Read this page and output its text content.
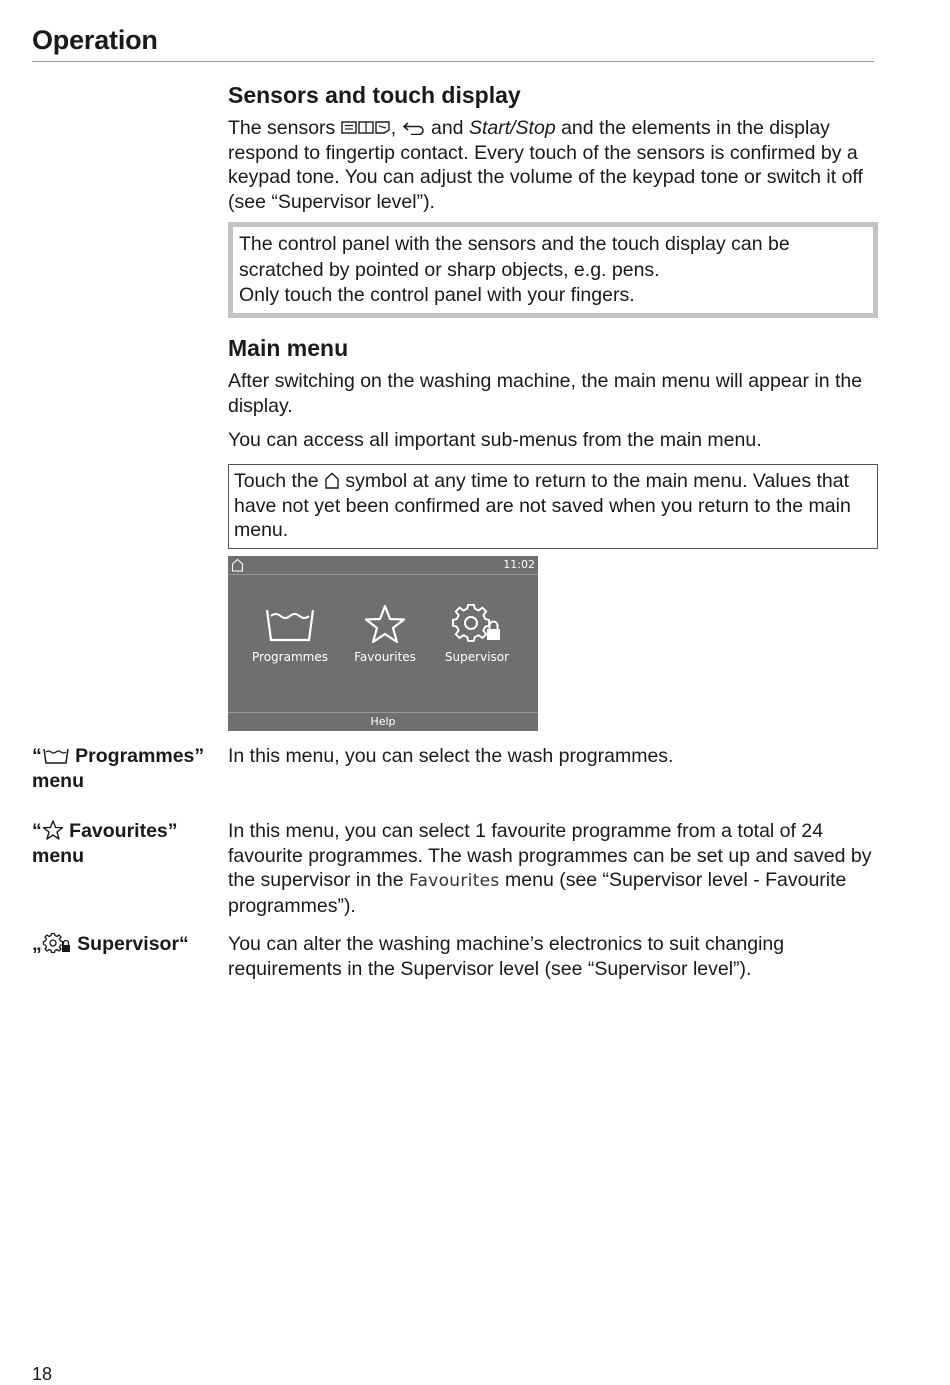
Operation
Sensors and touch display

The sensors	,  and Start/Stop and the elements in the display respond to fingertip contact. Every touch of the sensors is confirmed by a keypad tone. You can adjust the volume of the keypad tone or switch it off (see “Supervisor level”).

The control panel with the sensors and the touch display can be scratched by pointed or sharp objects, e.g. pens.
Only touch the control panel with your fingers.
Main menu

After switching on the washing machine, the main menu will appear in the display.

You can access all important sub-menus from the main menu.

Touch the  symbol at any time to return to the main menu. Values that have not yet been confirmed are not saved when you return to the main menu.
11:02
Programmes	Favourites	Supervisor
Help
“ Programmes” menu
In this menu, you can select the wash programmes.
“ Favourites” menu
In this menu, you can select 1 favourite programme from a total of 24 favourite programmes. The wash programmes can be set up and saved by the supervisor in the Favourites menu (see “Supervisor level - Favourite programmes”).
„ Supervisor“	You can alter the washing machine’s electronics to suit changing requirements in the Supervisor level (see “Supervisor level”).
18
